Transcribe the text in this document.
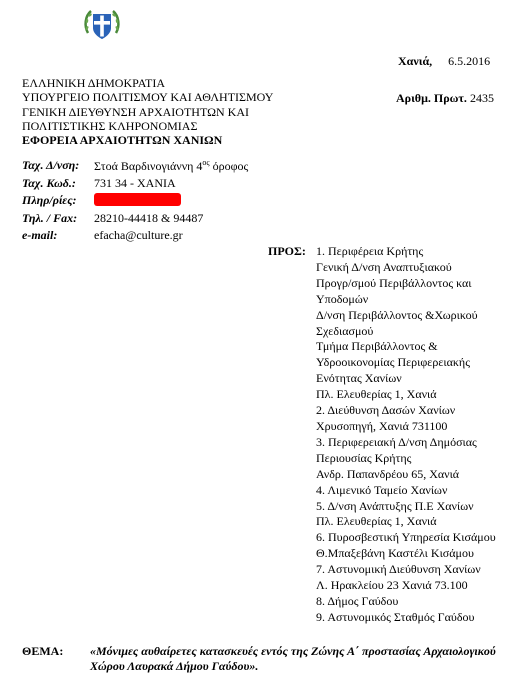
Χανιά, 6.5.2016
Αριθμ. Πρωτ. 2435
ΕΛΛΗΝΙΚΗ ΔΗΜΟΚΡΑΤΙΑ
ΥΠΟΥΡΓΕΙΟ ΠΟΛΙΤΙΣΜΟΥ ΚΑΙ ΑΘΛΗΤΙΣΜΟΥ
ΓΕΝΙΚΗ ΔΙΕΥΘΥΝΣΗ ΑΡΧΑΙΟΤΗΤΩΝ ΚΑΙ
ΠΟΛΙΤΙΣΤΙΚΗΣ ΚΛΗΡΟΝΟΜΙΑΣ
ΕΦΟΡΕΙΑ ΑΡΧΑΙΟΤΗΤΩΝ ΧΑΝΙΩΝ
Ταχ. Δ/νση: Στοά Βαρδινογιάννη $4^{o\varsigma}$ όροφος
Ταχ. Κωδ.: 731 34 - ΧΑΝΙΑ
Πληρ/ρίες:
Τηλ. / Fax: 28210-44418 & 94487
e-mail:	efacha@culture.gr
ΠΡΟΣ: 1. Περιφέρεια Κρήτης
Γενική Δ/νση Αναπτυξιακού
Προγρ/σμού Περιβάλλοντος και
Υποδομών
Δ/νση Περιβάλλοντος &Χωρικού
Σχεδιασμού
Τμήμα Περιβάλλοντος &
Υδροοικονομίας Περιφερειακής
Ενότητας Χανίων
Πλ. Ελευθερίας 1, Χανιά
2. Διεύθυνση Δασών Χανίων
Χρυσοπηγή, Χανιά 731100
3. Περιφερειακή Δ/νση Δημόσιας
Περιουσίας Κρήτης
Ανδρ. Παπανδρέου 65, Χανιά
4. Λιμενικό Ταμείο Χανίων
5. Δ/νση Ανάπτυξης Π.Ε Χανίων
Πλ. Ελευθερίας 1, Χανιά
6. Πυροσβεστική Υπηρεσία Κισάμου
Θ.Μπαξεβάνη Καστέλι Κισάμου
7. Αστυνομική Διεύθυνση Χανίων
Λ. Ηρακλείου 23 Χανιά 73.100
8. Δήμος Γαύδου
9. Αστυνομικός Σταθμός Γαύδου
ΘΕΜΑ: «Μόνιμες αυθαίρετες κατασκευές εντός της Ζώνης Α΄ προστασίας Αρχαιολογικού
Χώρου Λαυρακά Δήμου Γαύδου».
